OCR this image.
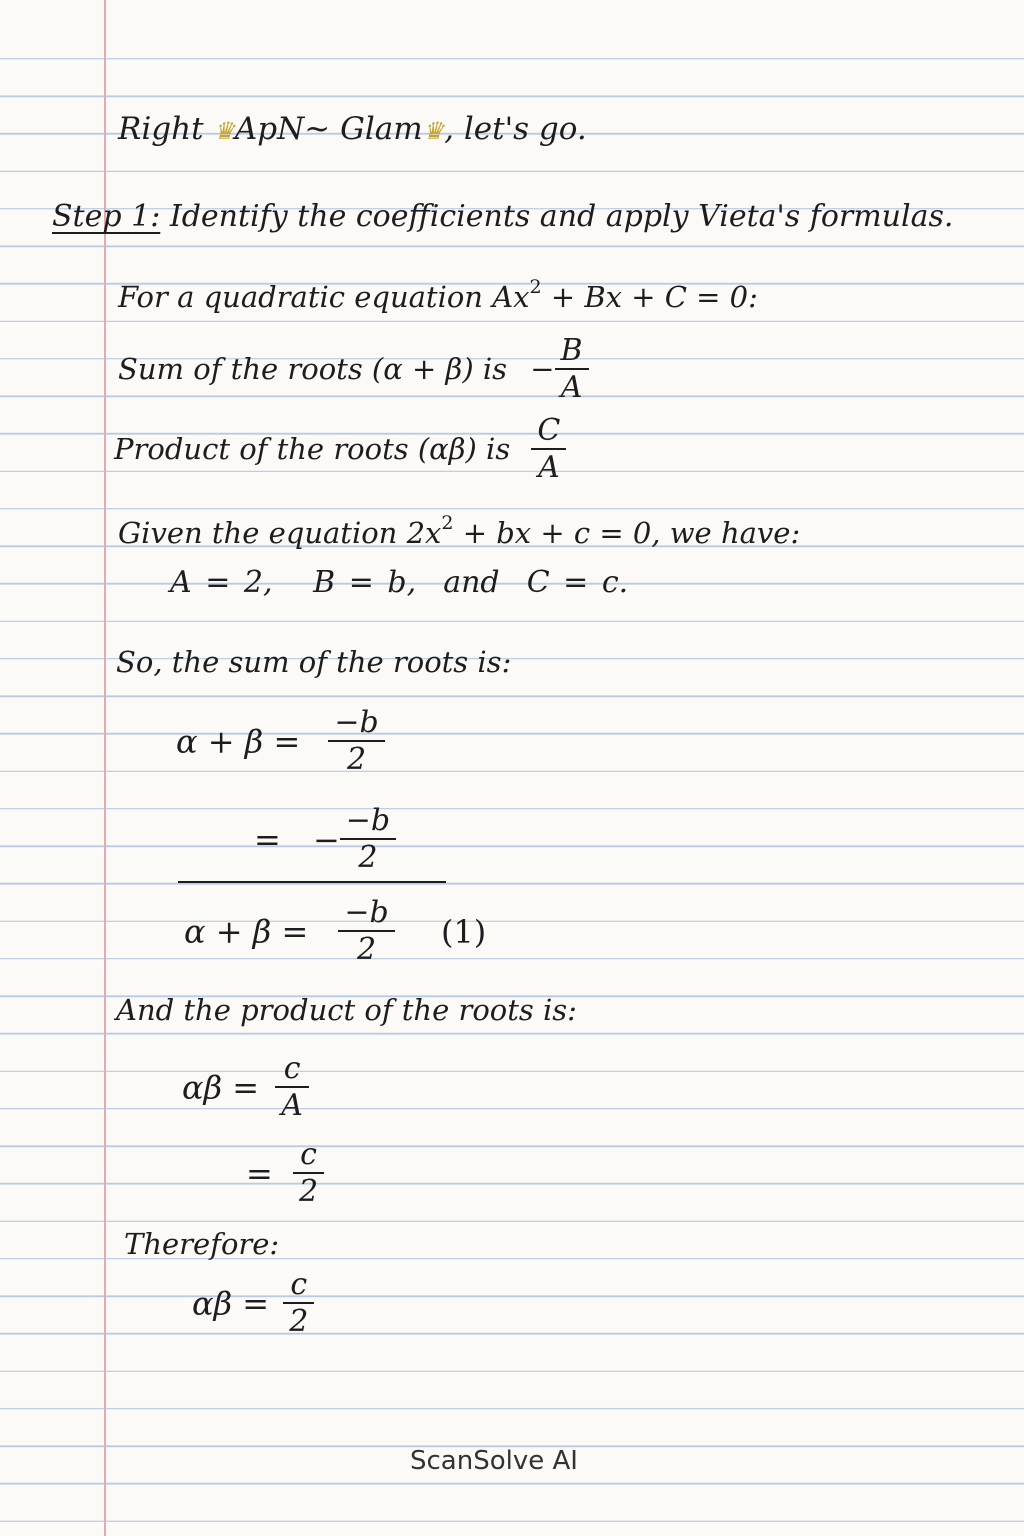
Right ♛ApN~ Glam♛, let's go.
Step 1: Identify the coefficients and apply Vieta's formulas.
For a quadratic equation $Ax^2 + Bx + C = 0$:
Sum of the roots (α + β) is − $\frac{B}{A}$
Product of the roots (αβ) is $\frac{C}{A}$
Given the equation $2x^2$ + bx + c = 0, we have:
A = 2, B = b, and C = c.
So, the sum of the roots is:
$\alpha + \beta = \frac{-b}{2}$
= − $\frac{-b}{2}$
$\alpha + \beta = \frac{-b}{2} (1)$
And the product of the roots is:
$\alpha\beta = \frac{c}{A}$
= $\frac{c}{2}$
Therefore:
$\alpha\beta = \frac{c}{2}$
ScanSolve AI
